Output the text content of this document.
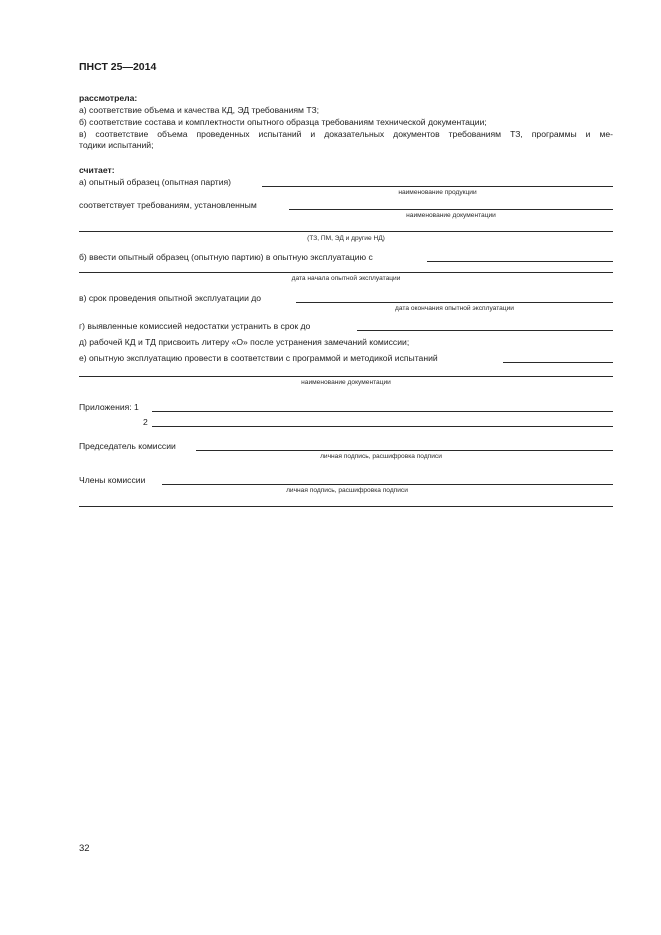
ПНСТ 25—2014
рассмотрела:
а) соответствие объема и качества КД, ЭД требованиям ТЗ;
б) соответствие состава и комплектности опытного образца требованиям технической документации;
в) соответствие объема проведенных испытаний и доказательных документов требованиям ТЗ, программы и ме-
тодики испытаний;
считает:
а) опытный образец (опытная партия)
наименование продукции
соответствует требованиям, установленным
наименование документации
(ТЗ, ПМ, ЭД и другие НД)
б) ввести опытный образец (опытную партию) в опытную эксплуатацию с
дата начала опытной эксплуатации
в) срок проведения опытной эксплуатации до
дата окончания опытной эксплуатации
г) выявленные комиссией недостатки устранить в срок до
д) рабочей КД и ТД присвоить литеру «О» после устранения замечаний комиссии;
е) опытную эксплуатацию провести в соответствии с программой и методикой испытаний
наименование документации
Приложения: 1
2
Председатель комиссии
личная подпись, расшифровка подписи
Члены комиссии
личная подпись, расшифровка подписи
32
